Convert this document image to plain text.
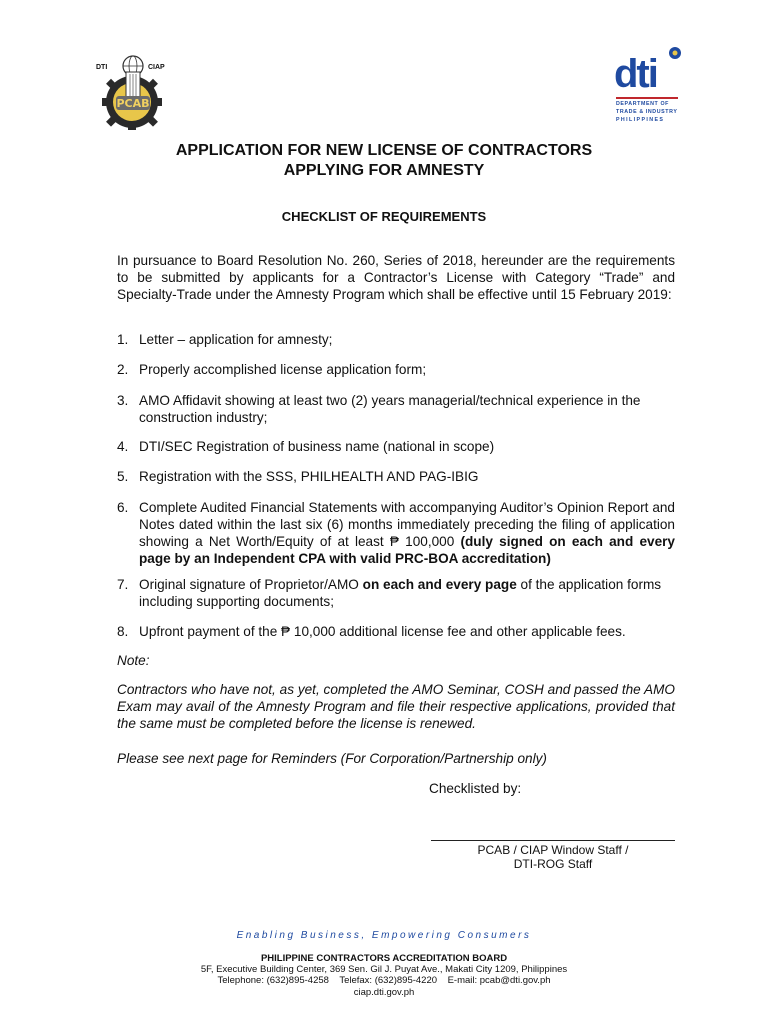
DTI	CIAP
PCAB
dti
DEPARTMENT OF
TRADE & INDUSTRY
PHILIPPINES
APPLICATION FOR NEW LICENSE OF CONTRACTORS
APPLYING FOR AMNESTY
CHECKLIST OF REQUIREMENTS
In pursuance to Board Resolution No. 260, Series of 2018, hereunder are the requirements to be submitted by applicants for a Contractor’s License with Category “Trade” and Specialty-Trade under the Amnesty Program which shall be effective until 15 February 2019:
1. Letter – application for amnesty;
2. Properly accomplished license application form;
3. AMO Affidavit showing at least two (2) years managerial/technical experience in the construction industry;
4. DTI/SEC Registration of business name (national in scope)
5. Registration with the SSS, PHILHEALTH AND PAG-IBIG
6. Complete Audited Financial Statements with accompanying Auditor’s Opinion Report and Notes dated within the last six (6) months immediately preceding the filing of application showing a Net Worth/Equity of at least ₱ 100,000 (duly signed on each and every page by an Independent CPA with valid PRC-BOA accreditation)
7. Original signature of Proprietor/AMO on each and every page of the application forms including supporting documents;
8. Upfront payment of the ₱ 10,000 additional license fee and other applicable fees.
Note:
Contractors who have not, as yet, completed the AMO Seminar, COSH and passed the AMO Exam may avail of the Amnesty Program and file their respective applications, provided that the same must be completed before the license is renewed.
Please see next page for Reminders (For Corporation/Partnership only)
Checklisted by:
PCAB / CIAP Window Staff /
DTI-ROG Staff
Enabling Business, Empowering Consumers
PHILIPPINE CONTRACTORS ACCREDITATION BOARD
5F, Executive Building Center, 369 Sen. Gil J. Puyat Ave., Makati City 1209, Philippines
Telephone: (632)895-4258    Telefax: (632)895-4220    E-mail: pcab@dti.gov.ph
ciap.dti.gov.ph
